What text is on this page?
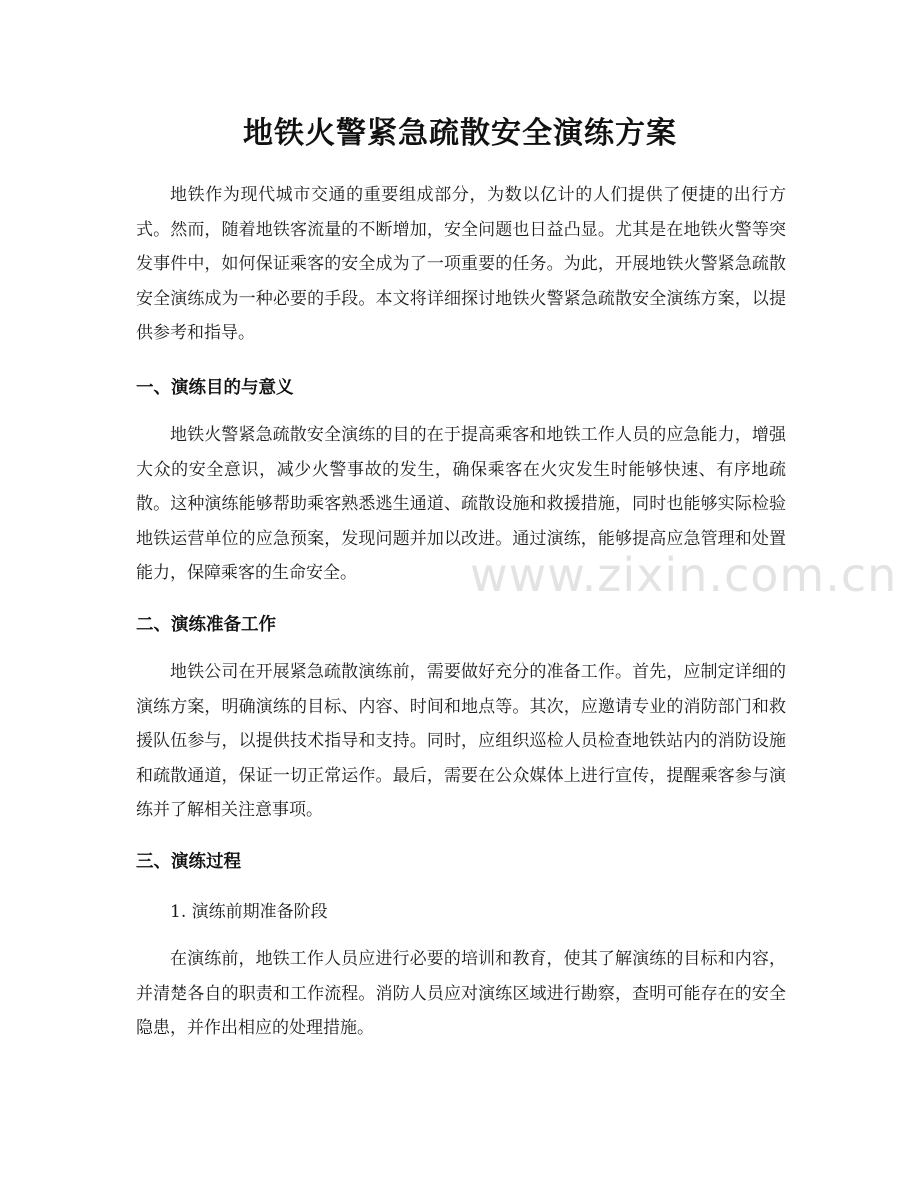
地铁火警紧急疏散安全演练方案

地铁作为现代城市交通的重要组成部分，为数以亿计的人们提供了便捷的出行方式。然而，随着地铁客流量的不断增加，安全问题也日益凸显。尤其是在地铁火警等突发事件中，如何保证乘客的安全成为了一项重要的任务。为此，开展地铁火警紧急疏散安全演练成为一种必要的手段。本文将详细探讨地铁火警紧急疏散安全演练方案，以提供参考和指导。

一、演练目的与意义

地铁火警紧急疏散安全演练的目的在于提高乘客和地铁工作人员的应急能力，增强大众的安全意识，减少火警事故的发生，确保乘客在火灾发生时能够快速、有序地疏散。这种演练能够帮助乘客熟悉逃生通道、疏散设施和救援措施，同时也能够实际检验地铁运营单位的应急预案，发现问题并加以改进。通过演练，能够提高应急管理和处置能力，保障乘客的生命安全。

二、演练准备工作

地铁公司在开展紧急疏散演练前，需要做好充分的准备工作。首先，应制定详细的演练方案，明确演练的目标、内容、时间和地点等。其次，应邀请专业的消防部门和救援队伍参与，以提供技术指导和支持。同时，应组织巡检人员检查地铁站内的消防设施和疏散通道，保证一切正常运作。最后，需要在公众媒体上进行宣传，提醒乘客参与演练并了解相关注意事项。

三、演练过程

1. 演练前期准备阶段

在演练前，地铁工作人员应进行必要的培训和教育，使其了解演练的目标和内容，并清楚各自的职责和工作流程。消防人员应对演练区域进行勘察，查明可能存在的安全隐患，并作出相应的处理措施。

www.zixin.com.cn
